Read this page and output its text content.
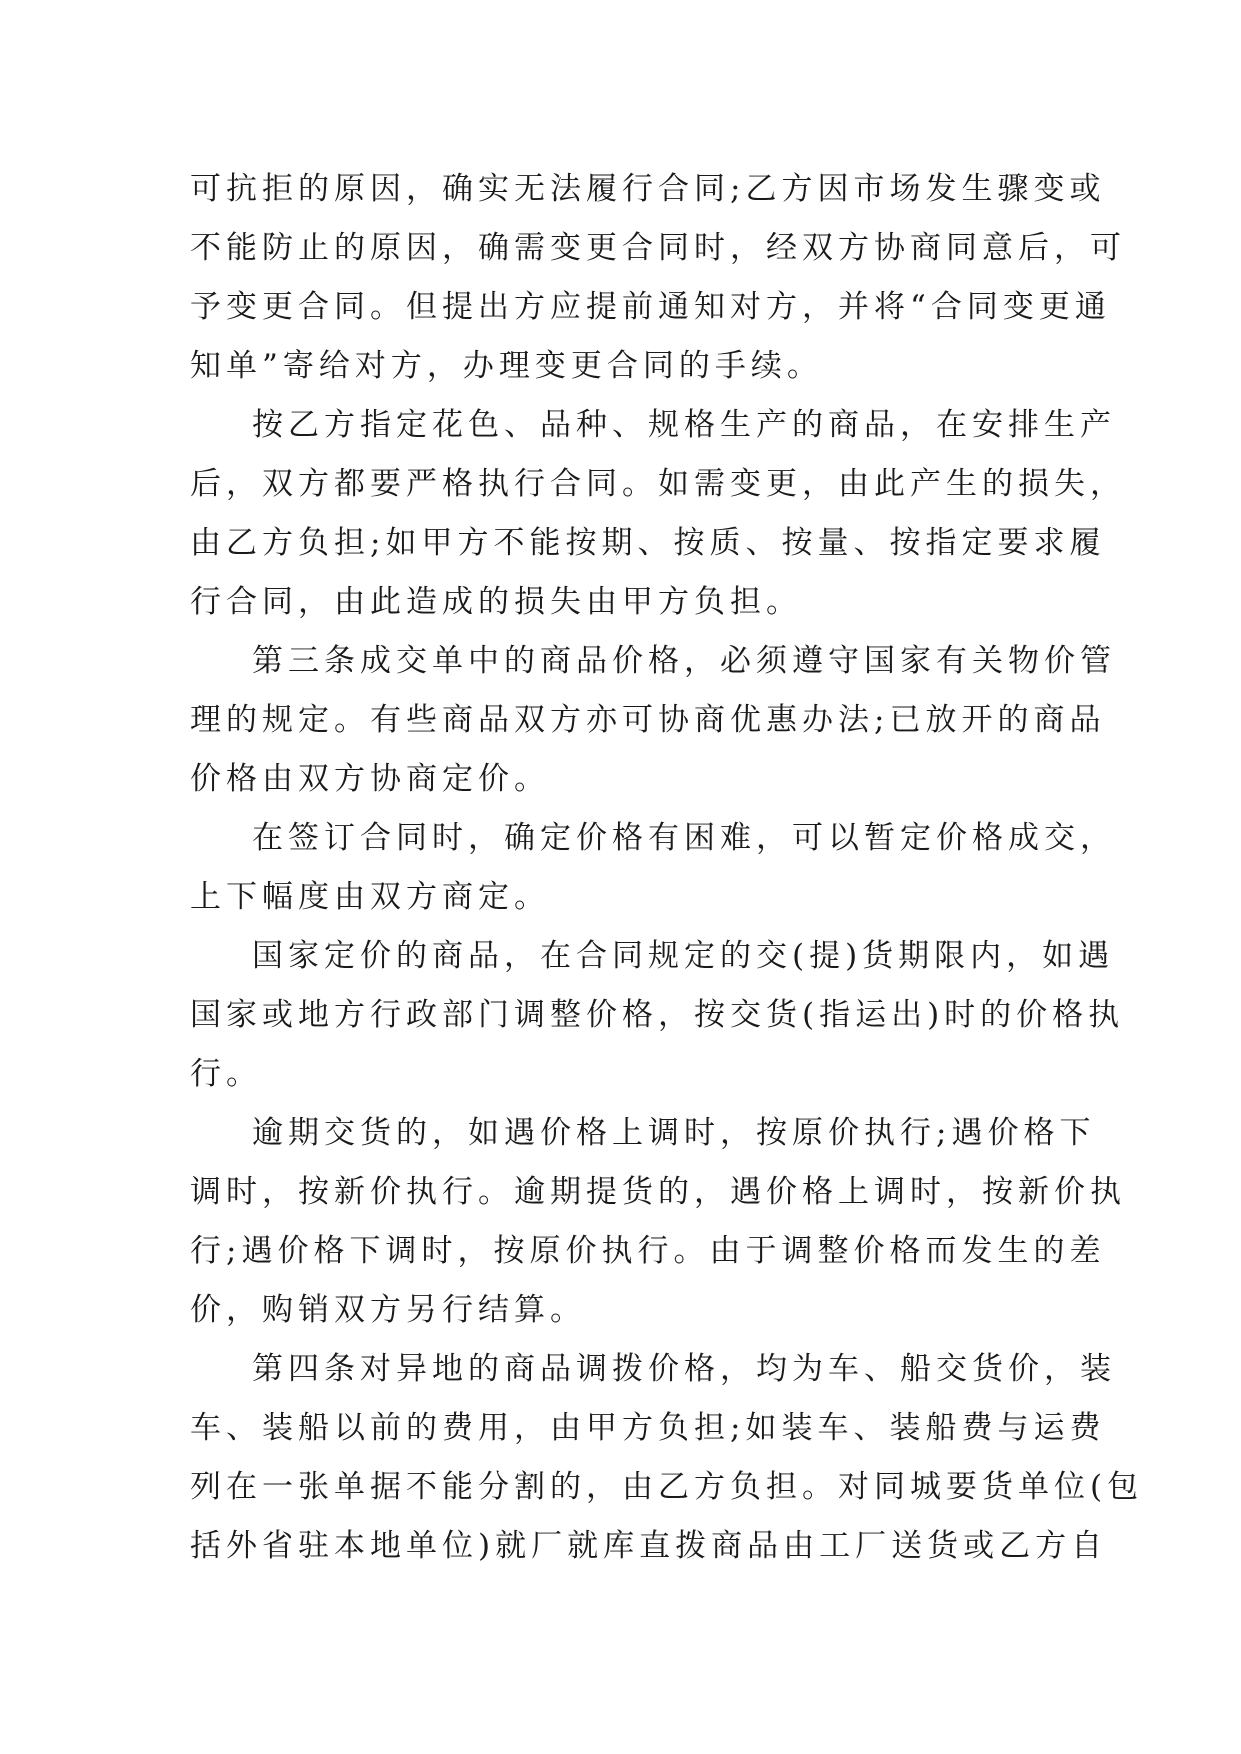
可抗拒的原因，确实无法履行合同;乙方因市场发生骤变或
不能防止的原因，确需变更合同时，经双方协商同意后，可
予变更合同。但提出方应提前通知对方，并将“合同变更通
知单”寄给对方，办理变更合同的手续。
按乙方指定花色、品种、规格生产的商品，在安排生产
后，双方都要严格执行合同。如需变更，由此产生的损失，
由乙方负担;如甲方不能按期、按质、按量、按指定要求履
行合同，由此造成的损失由甲方负担。
第三条成交单中的商品价格，必须遵守国家有关物价管
理的规定。有些商品双方亦可协商优惠办法;已放开的商品
价格由双方协商定价。
在签订合同时，确定价格有困难，可以暂定价格成交，
上下幅度由双方商定。
国家定价的商品，在合同规定的交(提)货期限内，如遇
国家或地方行政部门调整价格，按交货(指运出)时的价格执
行。
逾期交货的，如遇价格上调时，按原价执行;遇价格下
调时，按新价执行。逾期提货的，遇价格上调时，按新价执
行;遇价格下调时，按原价执行。由于调整价格而发生的差
价，购销双方另行结算。
第四条对异地的商品调拨价格，均为车、船交货价，装
车、装船以前的费用，由甲方负担;如装车、装船费与运费
列在一张单据不能分割的，由乙方负担。对同城要货单位(包
括外省驻本地单位)就厂就库直拨商品由工厂送货或乙方自
